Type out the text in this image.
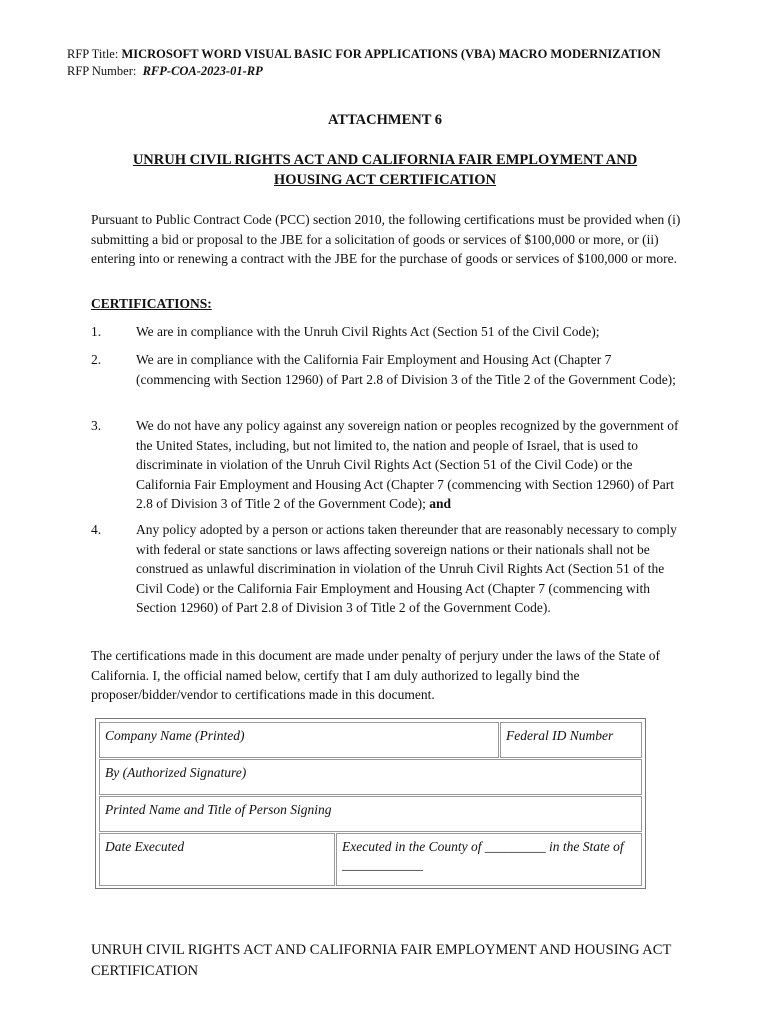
RFP Title: MICROSOFT WORD VISUAL BASIC FOR APPLICATIONS (VBA) MACRO MODERNIZATION
RFP Number: RFP-COA-2023-01-RP
ATTACHMENT 6
UNRUH CIVIL RIGHTS ACT AND CALIFORNIA FAIR EMPLOYMENT AND
HOUSING ACT CERTIFICATION
Pursuant to Public Contract Code (PCC) section 2010, the following certifications must be provided when (i) submitting a bid or proposal to the JBE for a solicitation of goods or services of $100,000 or more, or (ii) entering into or renewing a contract with the JBE for the purchase of goods or services of $100,000 or more.
CERTIFICATIONS:
1.	We are in compliance with the Unruh Civil Rights Act (Section 51 of the Civil Code);
2.	We are in compliance with the California Fair Employment and Housing Act (Chapter 7 (commencing with Section 12960) of Part 2.8 of Division 3 of the Title 2 of the Government Code);
3.	We do not have any policy against any sovereign nation or peoples recognized by the government of the United States, including, but not limited to, the nation and people of Israel, that is used to discriminate in violation of the Unruh Civil Rights Act (Section 51 of the Civil Code) or the California Fair Employment and Housing Act (Chapter 7 (commencing with Section 12960) of Part 2.8 of Division 3 of Title 2 of the Government Code); and
4.	Any policy adopted by a person or actions taken thereunder that are reasonably necessary to comply with federal or state sanctions or laws affecting sovereign nations or their nationals shall not be construed as unlawful discrimination in violation of the Unruh Civil Rights Act (Section 51 of the Civil Code) or the California Fair Employment and Housing Act (Chapter 7 (commencing with Section 12960) of Part 2.8 of Division 3 of Title 2 of the Government Code).
The certifications made in this document are made under penalty of perjury under the laws of the State of California. I, the official named below, certify that I am duly authorized to legally bind the proposer/bidder/vendor to certifications made in this document.
Company Name (Printed)	Federal ID Number
By (Authorized Signature)
Printed Name and Title of Person Signing
Date Executed	Executed in the County of _________ in the State of ____________
UNRUH CIVIL RIGHTS ACT AND CALIFORNIA FAIR EMPLOYMENT AND HOUSING ACT CERTIFICATION
